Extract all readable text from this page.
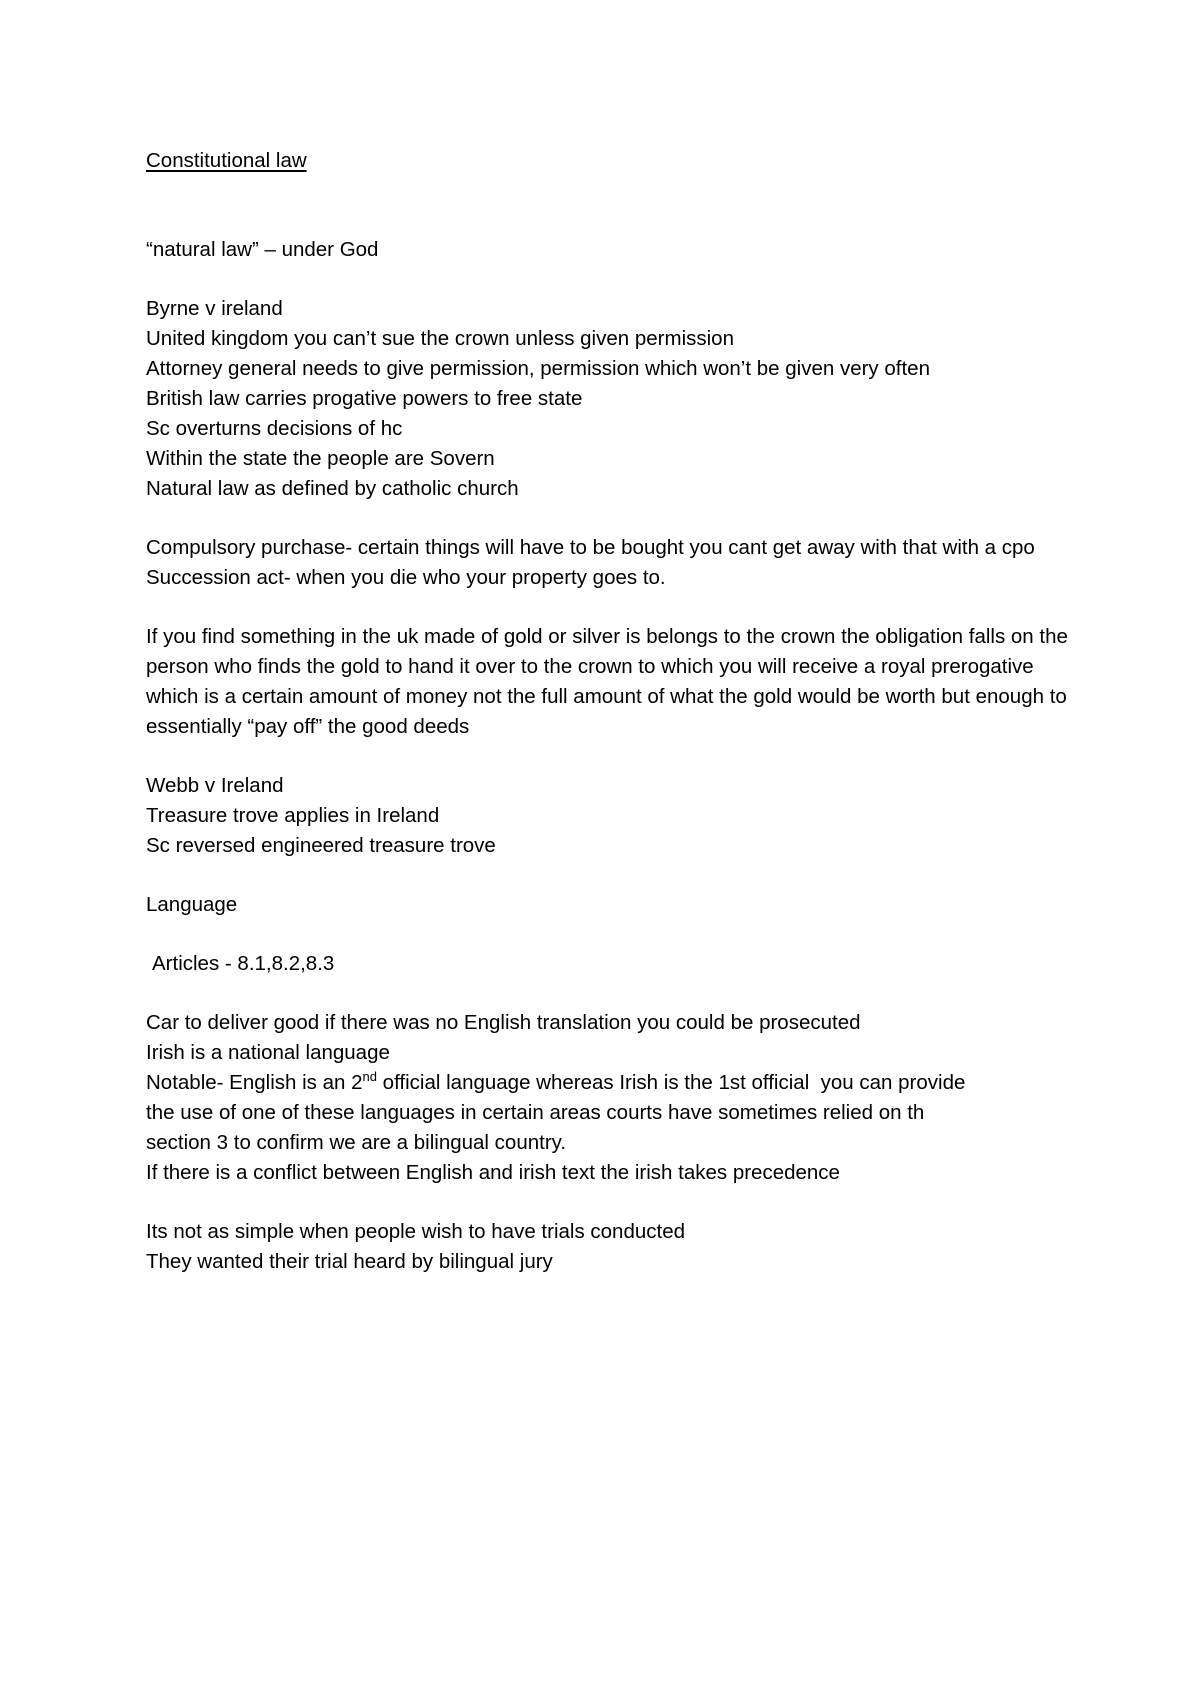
Constitutional law

“natural law” – under God

Byrne v ireland

United kingdom you can’t sue the crown unless given permission

Attorney general needs to give permission, permission which won’t be given very often

British law carries progative powers to free state

Sc overturns decisions of hc

Within the state the people are Sovern

Natural law as defined by catholic church

Compulsory purchase- certain things will have to be bought you cant get away with that with a cpo

Succession act- when you die who your property goes to.

If you find something in the uk made of gold or silver is belongs to the crown the obligation falls on the person who finds the gold to hand it over to the crown to which you will receive a royal prerogative which is a certain amount of money not the full amount of what the gold would be worth but enough to essentially “pay off” the good deeds

Webb v Ireland

Treasure trove applies in Ireland

Sc reversed engineered treasure trove

Language

Articles - 8.1,8.2,8.3

Car to deliver good if there was no English translation you could be prosecuted

Irish is a national language

Notable- English is an 2nd official language whereas Irish is the 1st official  you can provide

the use of one of these languages in certain areas courts have sometimes relied on th

section 3 to confirm we are a bilingual country.

If there is a conflict between English and irish text the irish takes precedence

Its not as simple when people wish to have trials conducted

They wanted their trial heard by bilingual jury
